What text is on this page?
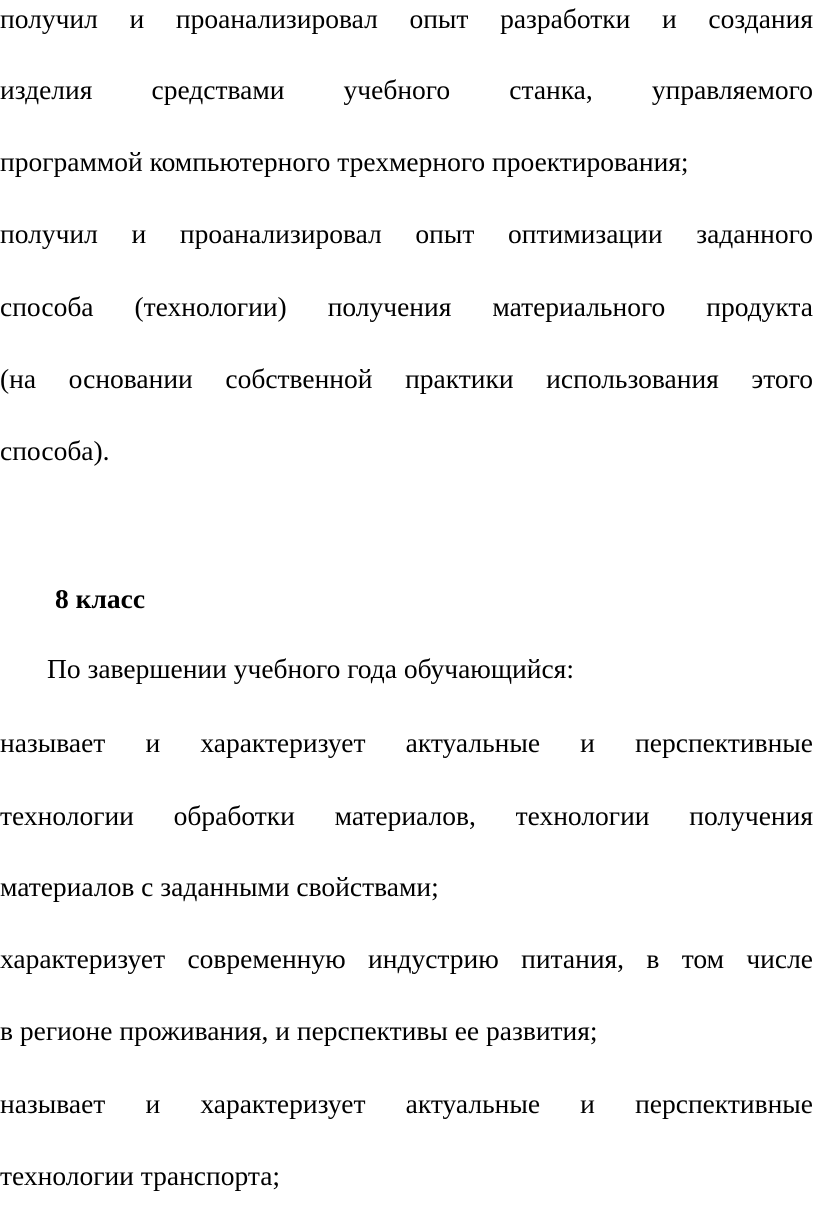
получил и проанализировал опыт разработки и создания
изделия средствами учебного станка, управляемого
программой компьютерного трехмерного проектирования;
получил и проанализировал опыт оптимизации заданного
способа (технологии) получения материального продукта
(на основании собственной практики использования этого
способа).
8 класс
По завершении учебного года обучающийся:
называет и характеризует актуальные и перспективные
технологии обработки материалов, технологии получения
материалов с заданными свойствами;
характеризует современную индустрию питания, в том числе
в регионе проживания, и перспективы ее развития;
называет и характеризует актуальные и перспективные
технологии транспорта;
